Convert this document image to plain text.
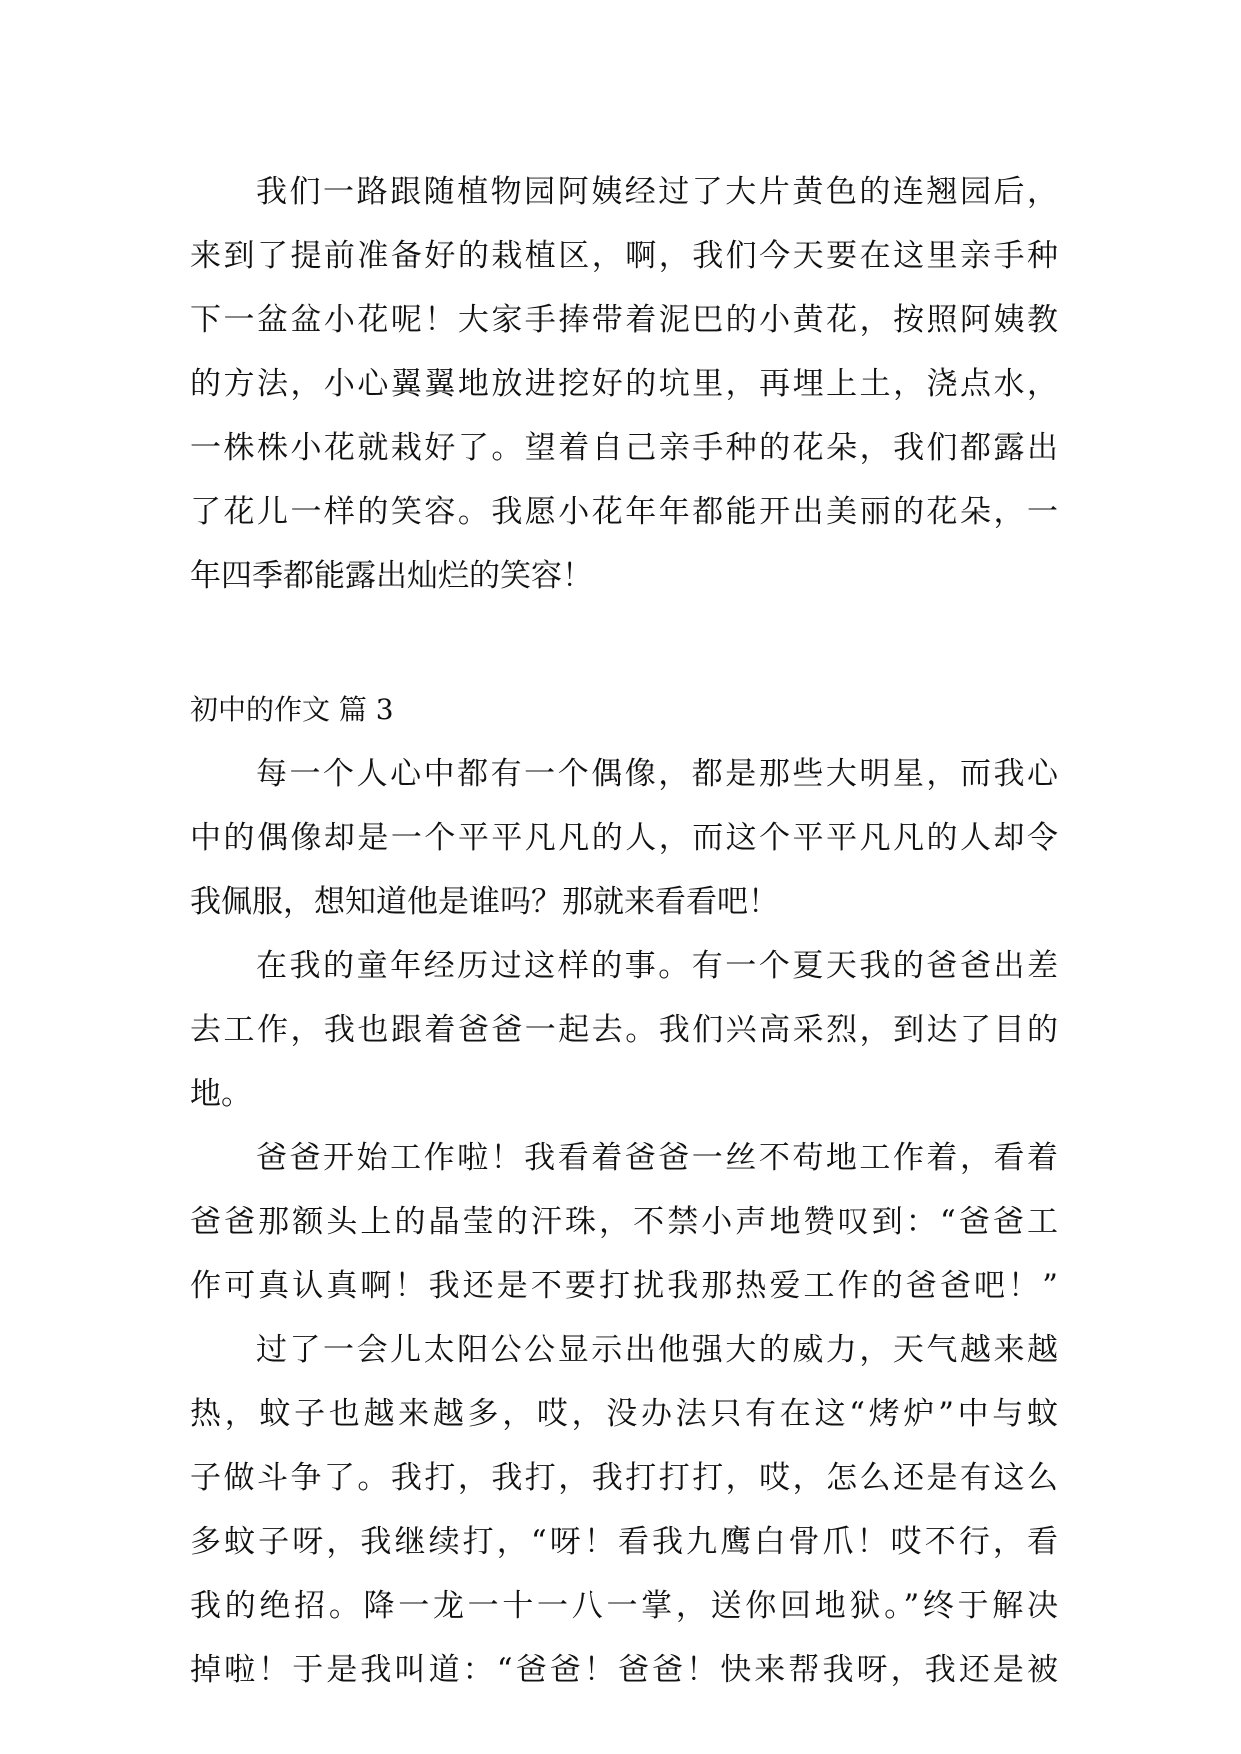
我们一路跟随植物园阿姨经过了大片黄色的连翘园后，
来到了提前准备好的栽植区，啊，我们今天要在这里亲手种
下一盆盆小花呢！大家手捧带着泥巴的小黄花，按照阿姨教
的方法，小心翼翼地放进挖好的坑里，再埋上土，浇点水，
一株株小花就栽好了。望着自己亲手种的花朵，我们都露出
了花儿一样的笑容。我愿小花年年都能开出美丽的花朵，一
年四季都能露出灿烂的笑容！
初中的作文 篇 3
每一个人心中都有一个偶像，都是那些大明星，而我心
中的偶像却是一个平平凡凡的人，而这个平平凡凡的人却令
我佩服，想知道他是谁吗？那就来看看吧！
在我的童年经历过这样的事。有一个夏天我的爸爸出差
去工作，我也跟着爸爸一起去。我们兴高采烈，到达了目的
地。
爸爸开始工作啦！我看着爸爸一丝不苟地工作着，看着
爸爸那额头上的晶莹的汗珠，不禁小声地赞叹到：“爸爸工
作可真认真啊！我还是不要打扰我那热爱工作的爸爸吧！”
过了一会儿太阳公公显示出他强大的威力，天气越来越
热，蚊子也越来越多，哎，没办法只有在这“烤炉”中与蚊
子做斗争了。我打，我打，我打打打，哎，怎么还是有这么
多蚊子呀，我继续打，“呀！看我九鹰白骨爪！哎不行，看
我的绝招。降一龙一十一八一掌，送你回地狱。”终于解决
掉啦！于是我叫道：“爸爸！爸爸！快来帮我呀，我还是被
